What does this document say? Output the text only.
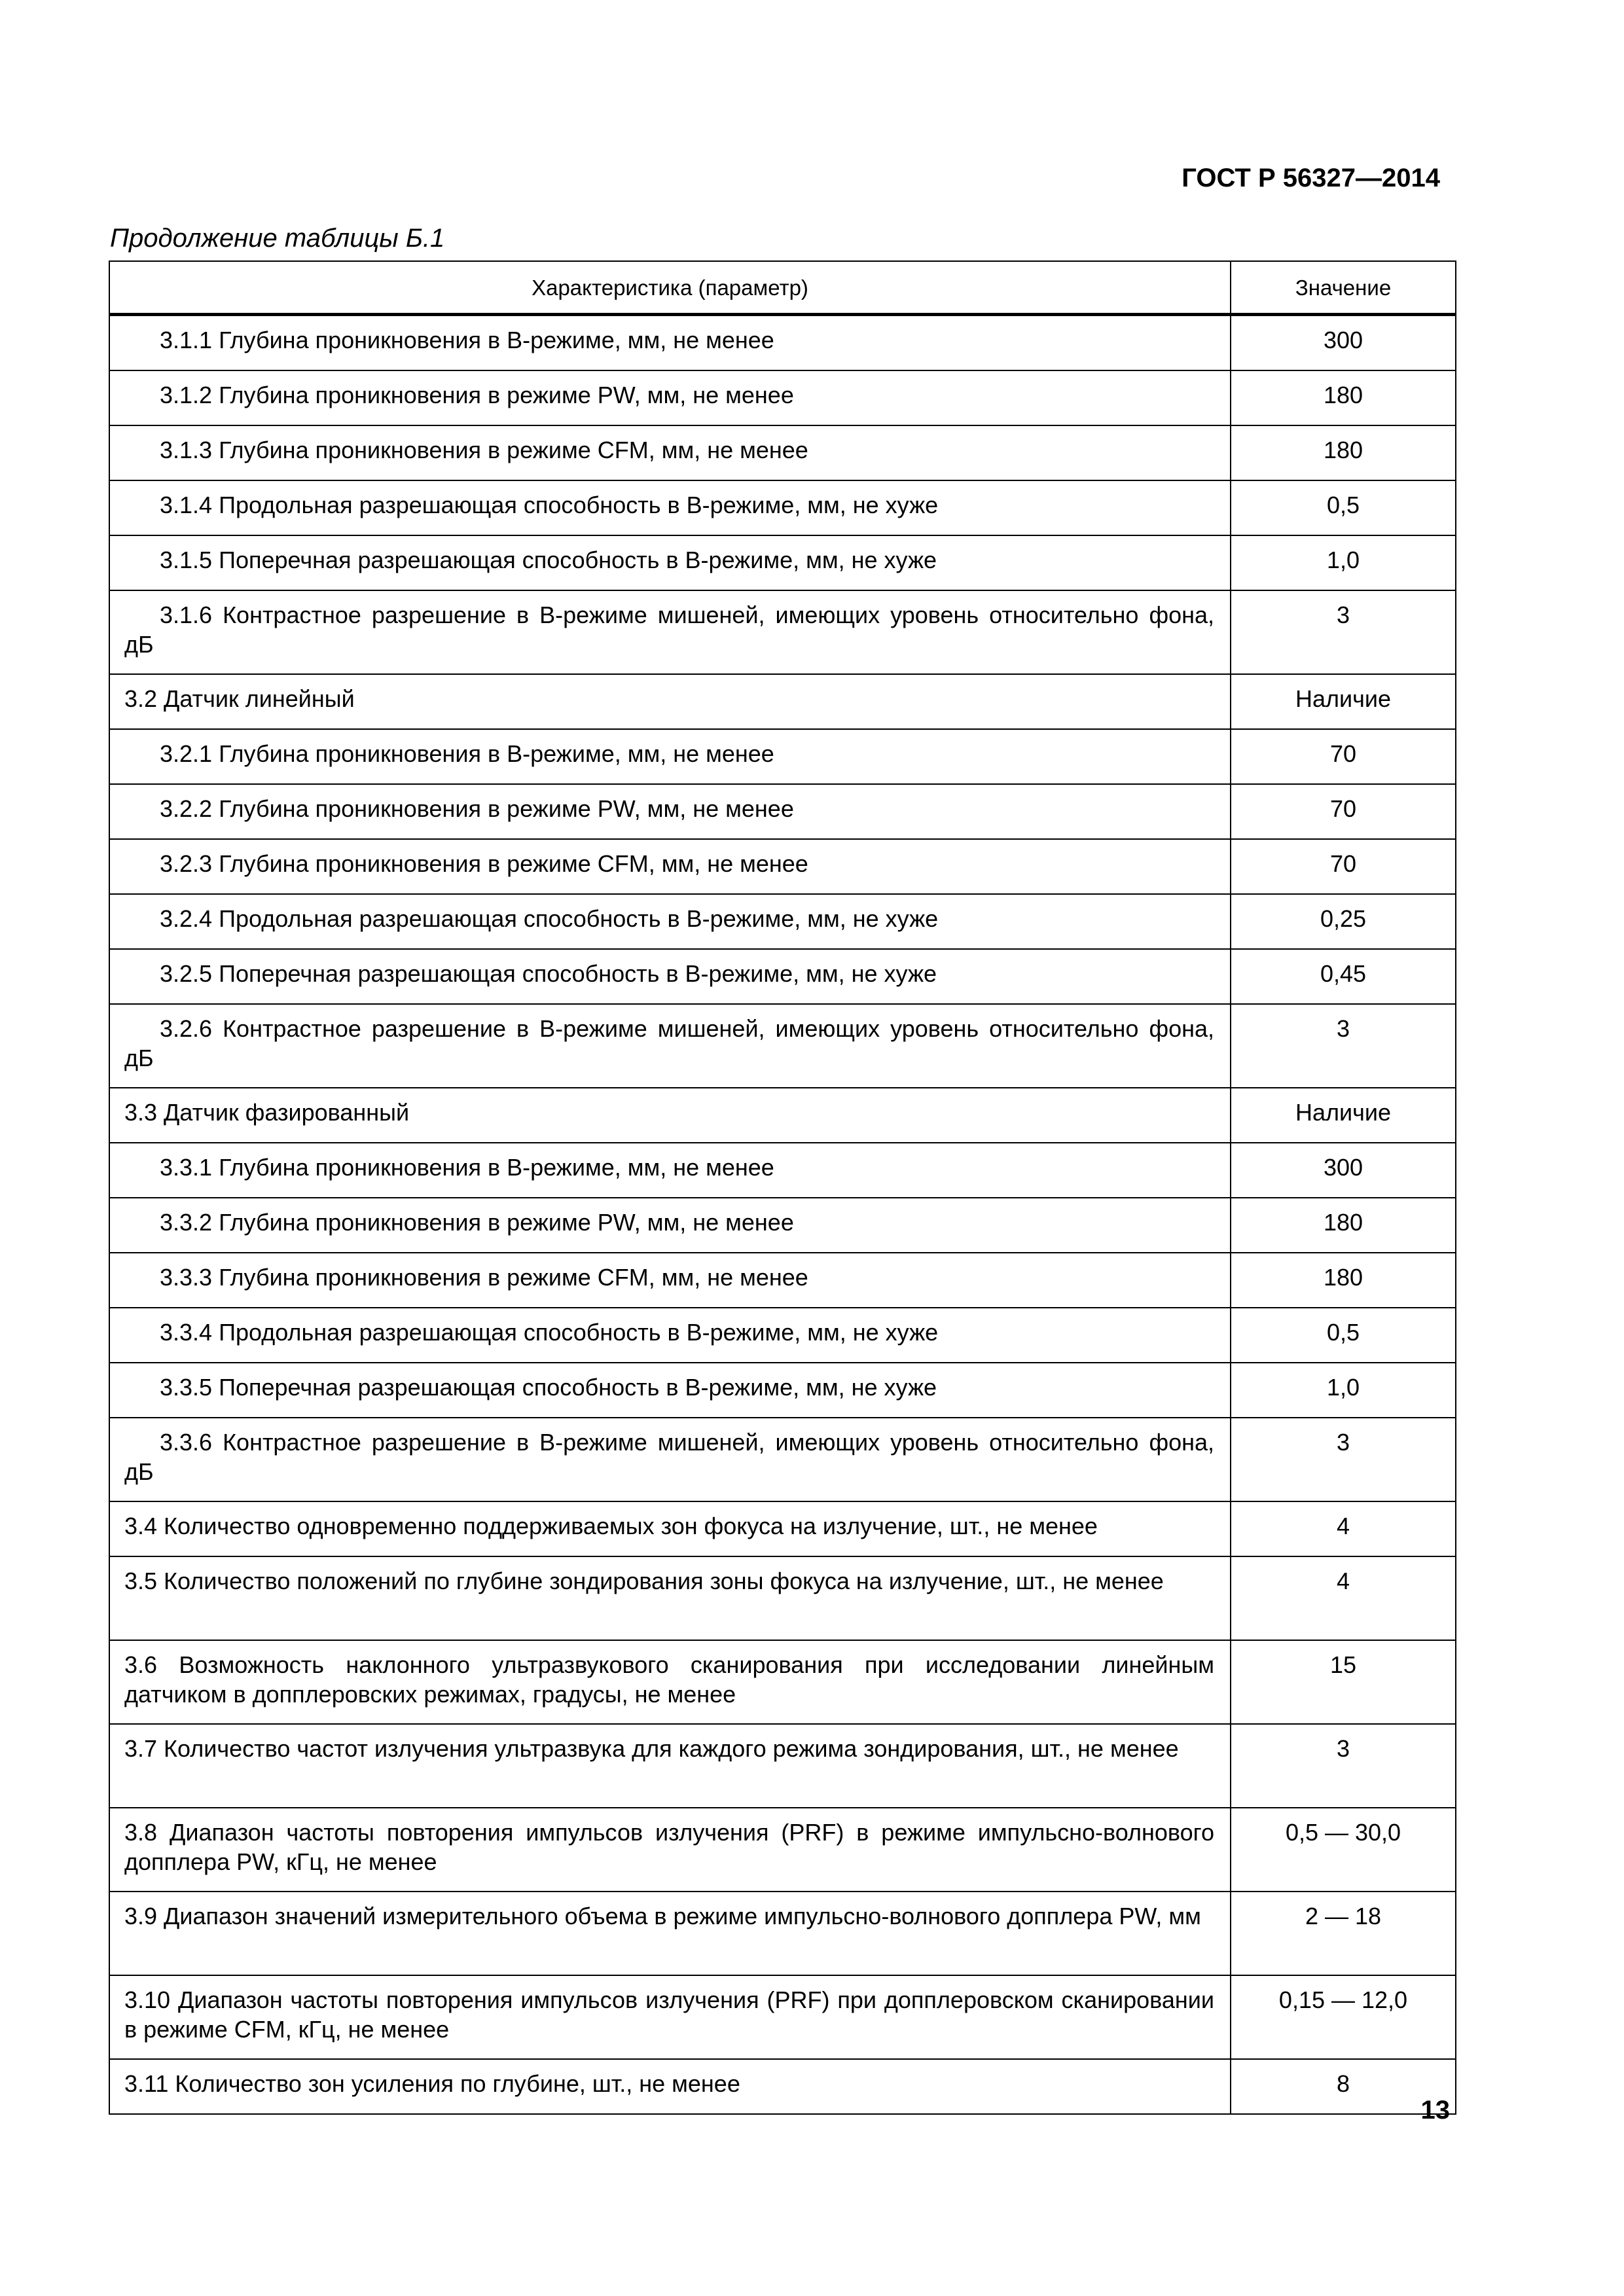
ГОСТ Р 56327—2014
Продолжение таблицы Б.1
Характеристика (параметр)	Значение
3.1.1 Глубина проникновения в В-режиме, мм, не менее	300
3.1.2 Глубина проникновения в режиме PW, мм, не менее	180
3.1.3 Глубина проникновения в режиме CFM, мм, не менее	180
3.1.4 Продольная разрешающая способность в В-режиме, мм, не хуже	0,5
3.1.5 Поперечная разрешающая способность в В-режиме, мм, не хуже	1,0
3.1.6 Контрастное разрешение в В-режиме мишеней, имеющих уровень относительно фона, дБ	3
3.2 Датчик линейный	Наличие
3.2.1 Глубина проникновения в В-режиме, мм, не менее	70
3.2.2 Глубина проникновения в режиме PW, мм, не менее	70
3.2.3 Глубина проникновения в режиме CFM, мм, не менее	70
3.2.4 Продольная разрешающая способность в В-режиме, мм, не хуже	0,25
3.2.5 Поперечная разрешающая способность в В-режиме, мм, не хуже	0,45
3.2.6 Контрастное разрешение в В-режиме мишеней, имеющих уровень относительно фона, дБ	3
3.3 Датчик фазированный	Наличие
3.3.1 Глубина проникновения в В-режиме, мм, не менее	300
3.3.2 Глубина проникновения в режиме PW, мм, не менее	180
3.3.3 Глубина проникновения в режиме CFM, мм, не менее	180
3.3.4 Продольная разрешающая способность в В-режиме, мм, не хуже	0,5
3.3.5 Поперечная разрешающая способность в В-режиме, мм, не хуже	1,0
3.3.6 Контрастное разрешение в В-режиме мишеней, имеющих уровень относительно фона, дБ	3
3.4 Количество одновременно поддерживаемых зон фокуса на излучение, шт., не менее	4
3.5 Количество положений по глубине зондирования зоны фокуса на излучение, шт., не менее	4
3.6 Возможность наклонного ультразвукового сканирования при исследовании линейным датчиком в допплеровских режимах, градусы, не менее	15
3.7 Количество частот излучения ультразвука для каждого режима зондирования, шт., не менее	3
3.8 Диапазон частоты повторения импульсов излучения (PRF) в режиме импульсно-волнового допплера PW, кГц, не менее	0,5 — 30,0
3.9 Диапазон значений измерительного объема в режиме импульсно-волнового допплера PW, мм	2 — 18
3.10 Диапазон частоты повторения импульсов излучения (PRF) при допплеровском сканировании в режиме CFM, кГц, не менее	0,15 — 12,0
3.11 Количество зон усиления по глубине, шт., не менее	8
13
